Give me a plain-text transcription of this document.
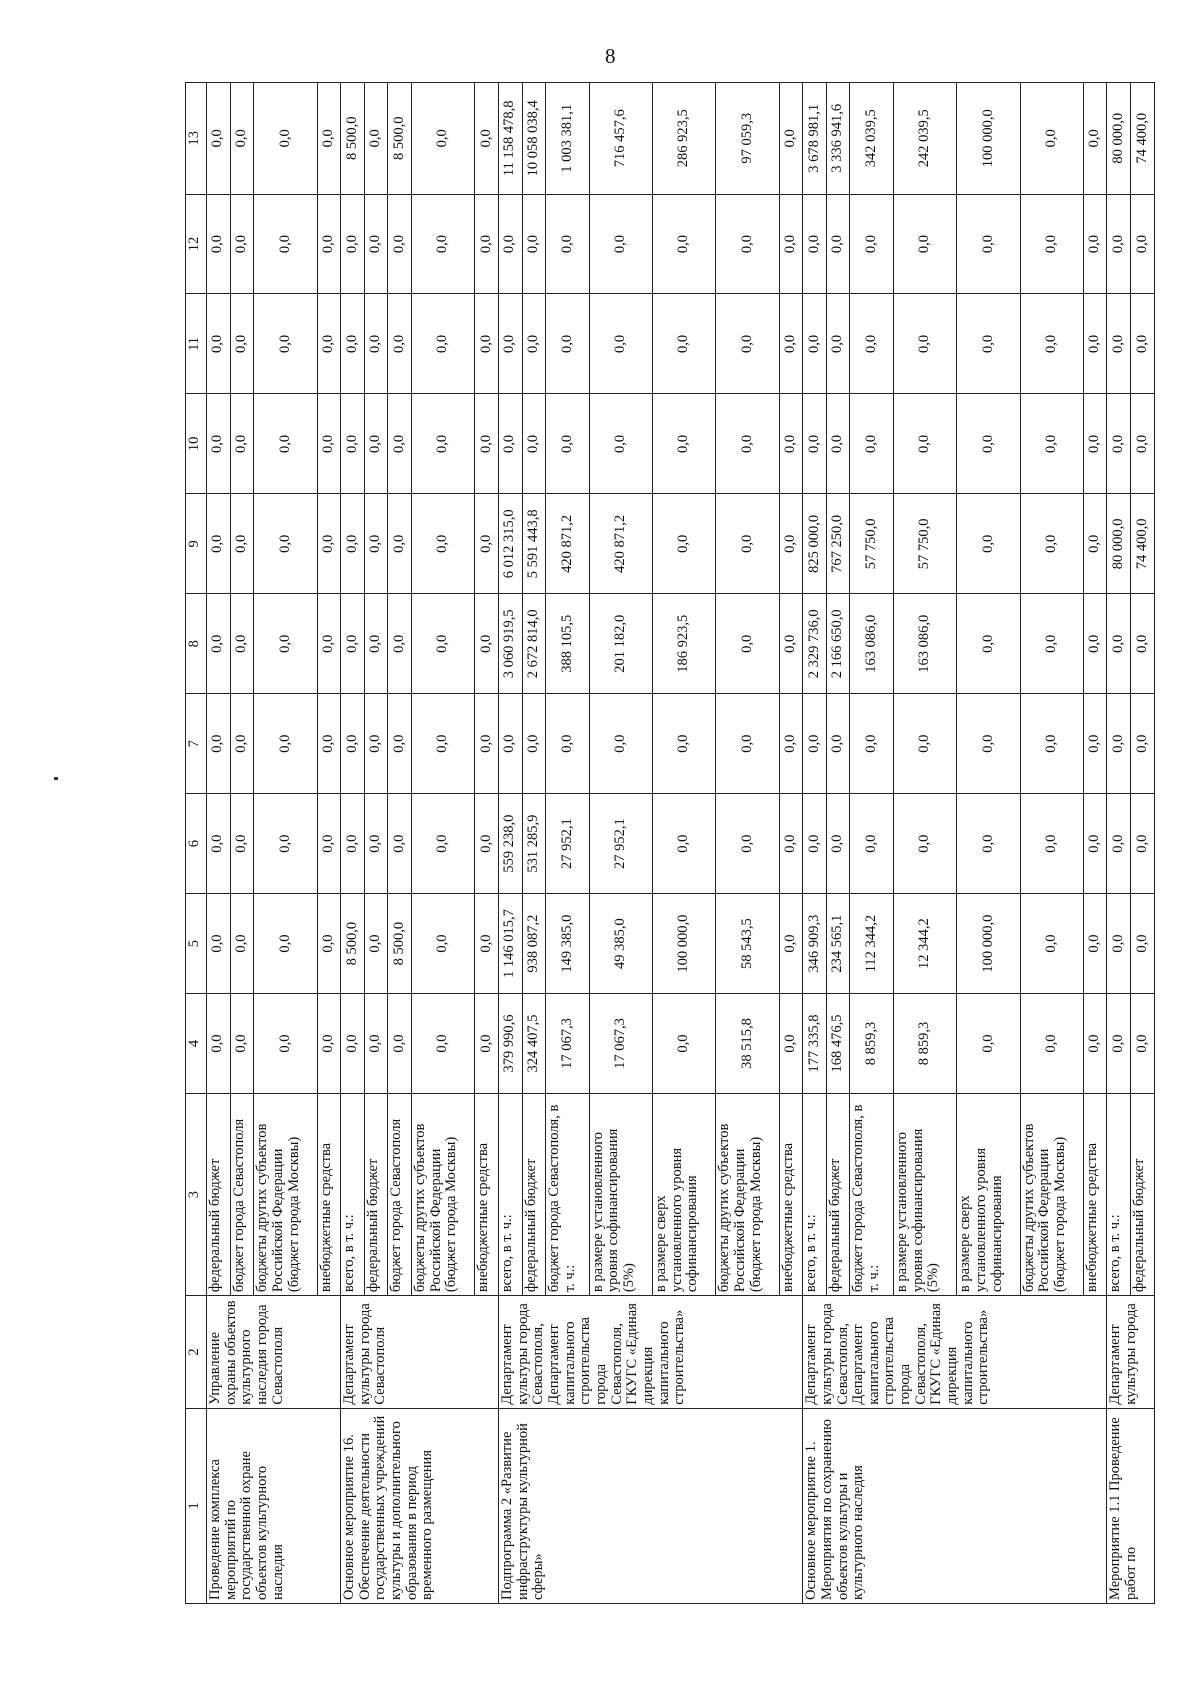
8
1	2	3	4	5	6	7	8	9	10	11	12	13
Проведение комплекса мероприятий по государственной охране объектов культурного наследия	Управление охраны объектов культурного наследия города Севастополя	федеральный бюджет	0,0	0,0	0,0	0,0	0,0	0,0	0,0	0,0	0,0	0,0
		бюджет города Севастополя	0,0	0,0	0,0	0,0	0,0	0,0	0,0	0,0	0,0	0,0
		бюджеты других субъектов Российской Федерации (бюджет города Москвы)	0,0	0,0	0,0	0,0	0,0	0,0	0,0	0,0	0,0	0,0
		внебюджетные средства	0,0	0,0	0,0	0,0	0,0	0,0	0,0	0,0	0,0	0,0
Основное мероприятие 16. Обеспечение деятельности государственных учреждений культуры и дополнительного образования в период временного размещения	Департамент культуры города Севастополя	всего, в т. ч.:	0,0	8 500,0	0,0	0,0	0,0	0,0	0,0	0,0	0,0	8 500,0
		федеральный бюджет	0,0	0,0	0,0	0,0	0,0	0,0	0,0	0,0	0,0	0,0
		бюджет города Севастополя	0,0	8 500,0	0,0	0,0	0,0	0,0	0,0	0,0	0,0	8 500,0
		бюджеты других субъектов Российской Федерации (бюджет города Москвы)	0,0	0,0	0,0	0,0	0,0	0,0	0,0	0,0	0,0	0,0
		внебюджетные средства	0,0	0,0	0,0	0,0	0,0	0,0	0,0	0,0	0,0	0,0
Подпрограмма 2 «Развитие инфраструктуры культурной сферы»	Департамент культуры города Севастополя, Департамент капитального строительства города Севастополя, ГКУГС «Единая дирекция капитального строительства»	всего, в т. ч.:	379 990,6	1 146 015,7	559 238,0	0,0	3 060 919,5	6 012 315,0	0,0	0,0	0,0	11 158 478,8
		федеральный бюджет	324 407,5	938 087,2	531 285,9	0,0	2 672 814,0	5 591 443,8	0,0	0,0	0,0	10 058 038,4
		бюджет города Севастополя, в т. ч.:	17 067,3	149 385,0	27 952,1	0,0	388 105,5	420 871,2	0,0	0,0	0,0	1 003 381,1
		в размере установленного уровня софинансирования (5%)	17 067,3	49 385,0	27 952,1	0,0	201 182,0	420 871,2	0,0	0,0	0,0	716 457,6
		в размере сверх установленного уровня софинансирования	0,0	100 000,0	0,0	0,0	186 923,5	0,0	0,0	0,0	0,0	286 923,5
		бюджеты других субъектов Российской Федерации (бюджет города Москвы)	38 515,8	58 543,5	0,0	0,0	0,0	0,0	0,0	0,0	0,0	97 059,3
		внебюджетные средства	0,0	0,0	0,0	0,0	0,0	0,0	0,0	0,0	0,0	0,0
Основное мероприятие 1. Мероприятия по сохранению объектов культуры и культурного наследия	Департамент культуры города Севастополя, Департамент капитального строительства города Севастополя, ГКУГС «Единая дирекция капитального строительства»	всего, в т. ч.:	177 335,8	346 909,3	0,0	0,0	2 329 736,0	825 000,0	0,0	0,0	0,0	3 678 981,1
		федеральный бюджет	168 476,5	234 565,1	0,0	0,0	2 166 650,0	767 250,0	0,0	0,0	0,0	3 336 941,6
		бюджет города Севастополя, в т. ч.:	8 859,3	112 344,2	0,0	0,0	163 086,0	57 750,0	0,0	0,0	0,0	342 039,5
		в размере установленного уровня софинансирования (5%)	8 859,3	12 344,2	0,0	0,0	163 086,0	57 750,0	0,0	0,0	0,0	242 039,5
		в размере сверх установленного уровня софинансирования	0,0	100 000,0	0,0	0,0	0,0	0,0	0,0	0,0	0,0	100 000,0
		бюджеты других субъектов Российской Федерации (бюджет города Москвы)	0,0	0,0	0,0	0,0	0,0	0,0	0,0	0,0	0,0	0,0
		внебюджетные средства	0,0	0,0	0,0	0,0	0,0	0,0	0,0	0,0	0,0	0,0
Мероприятие 1.1 Проведение работ по	Департамент культуры города	всего, в т. ч.:	0,0	0,0	0,0	0,0	0,0	80 000,0	0,0	0,0	0,0	80 000,0
		федеральный бюджет	0,0	0,0	0,0	0,0	0,0	74 400,0	0,0	0,0	0,0	74 400,0
